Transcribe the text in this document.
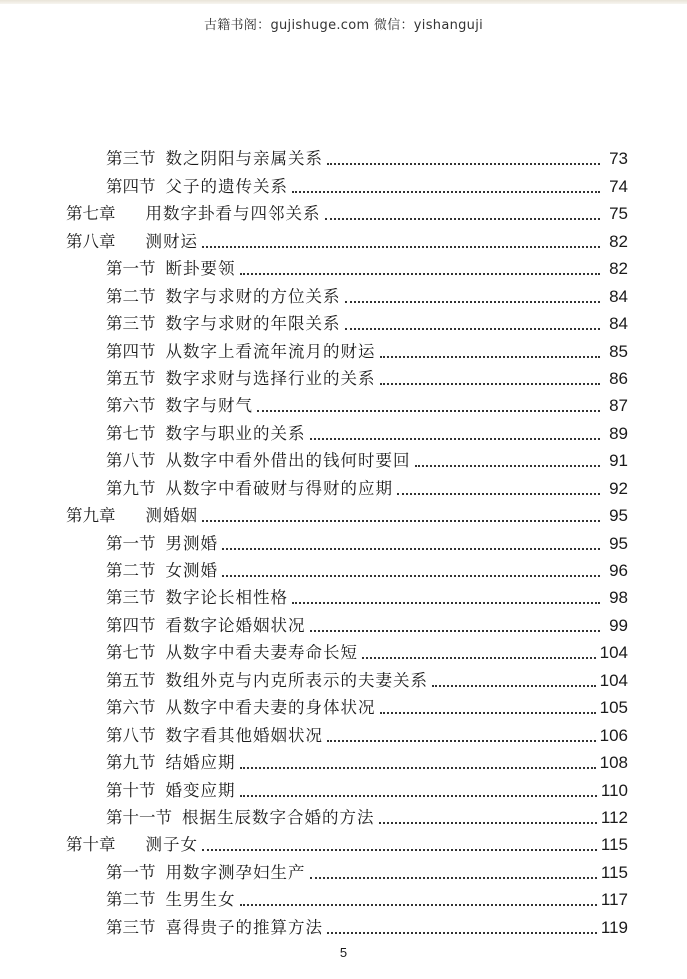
古籍书阁：gujishuge.com 微信：yishanguji
第三节 数之阴阳与亲属关系	73
第四节 父子的遗传关系	74
第七章 用数字卦看与四邻关系	75
第八章 测财运	82
第一节 断卦要领	82
第二节 数字与求财的方位关系	84
第三节 数字与求财的年限关系	84
第四节 从数字上看流年流月的财运	85
第五节 数字求财与选择行业的关系	86
第六节 数字与财气	87
第七节 数字与职业的关系	89
第八节 从数字中看外借出的钱何时要回	91
第九节 从数字中看破财与得财的应期	92
第九章 测婚姻	95
第一节 男测婚	95
第二节 女测婚	96
第三节 数字论长相性格	98
第四节 看数字论婚姻状况	99
第七节 从数字中看夫妻寿命长短	104
第五节 数组外克与内克所表示的夫妻关系	104
第六节 从数字中看夫妻的身体状况	105
第八节 数字看其他婚姻状况	106
第九节 结婚应期	108
第十节 婚变应期	110
第十一节 根据生辰数字合婚的方法	112
第十章 测子女	115
第一节 用数字测孕妇生产	115
第二节 生男生女	117
第三节 喜得贵子的推算方法	119
5
